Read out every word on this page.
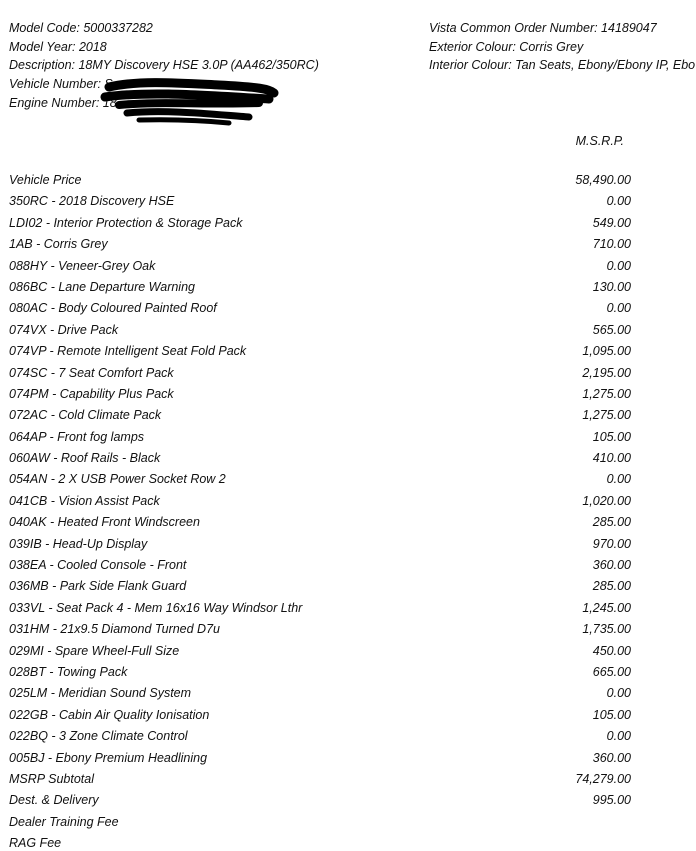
Model Code: 5000337282
Model Year: 2018
Description: 18MY Discovery HSE 3.0P (AA462/350RC)
Vehicle Number: S
Engine Number: 18
Vista Common Order Number: 14189047
Exterior Colour: Corris Grey
Interior Colour: Tan Seats, Ebony/Ebony IP, Ebo
M.S.R.P.
Vehicle Price	58,490.00
350RC - 2018 Discovery HSE	0.00
LDI02 - Interior Protection & Storage Pack	549.00
1AB - Corris Grey	710.00
088HY - Veneer-Grey Oak	0.00
086BC - Lane Departure Warning	130.00
080AC - Body Coloured Painted Roof	0.00
074VX - Drive Pack	565.00
074VP - Remote Intelligent Seat Fold Pack	1,095.00
074SC - 7 Seat Comfort Pack	2,195.00
074PM - Capability Plus Pack	1,275.00
072AC - Cold Climate Pack	1,275.00
064AP - Front fog lamps	105.00
060AW - Roof Rails - Black	410.00
054AN - 2 X USB Power Socket Row 2	0.00
041CB - Vision Assist Pack	1,020.00
040AK - Heated Front Windscreen	285.00
039IB - Head-Up Display	970.00
038EA - Cooled Console - Front	360.00
036MB - Park Side Flank Guard	285.00
033VL - Seat Pack 4 - Mem 16x16 Way Windsor Lthr	1,245.00
031HM - 21x9.5 Diamond Turned D7u	1,735.00
029MI - Spare Wheel-Full Size	450.00
028BT - Towing Pack	665.00
025LM - Meridian Sound System	0.00
022GB - Cabin Air Quality Ionisation	105.00
022BQ - 3 Zone Climate Control	0.00
005BJ - Ebony Premium Headlining	360.00
MSRP Subtotal	74,279.00
Dest. & Delivery	995.00
Dealer Training Fee
RAG Fee
